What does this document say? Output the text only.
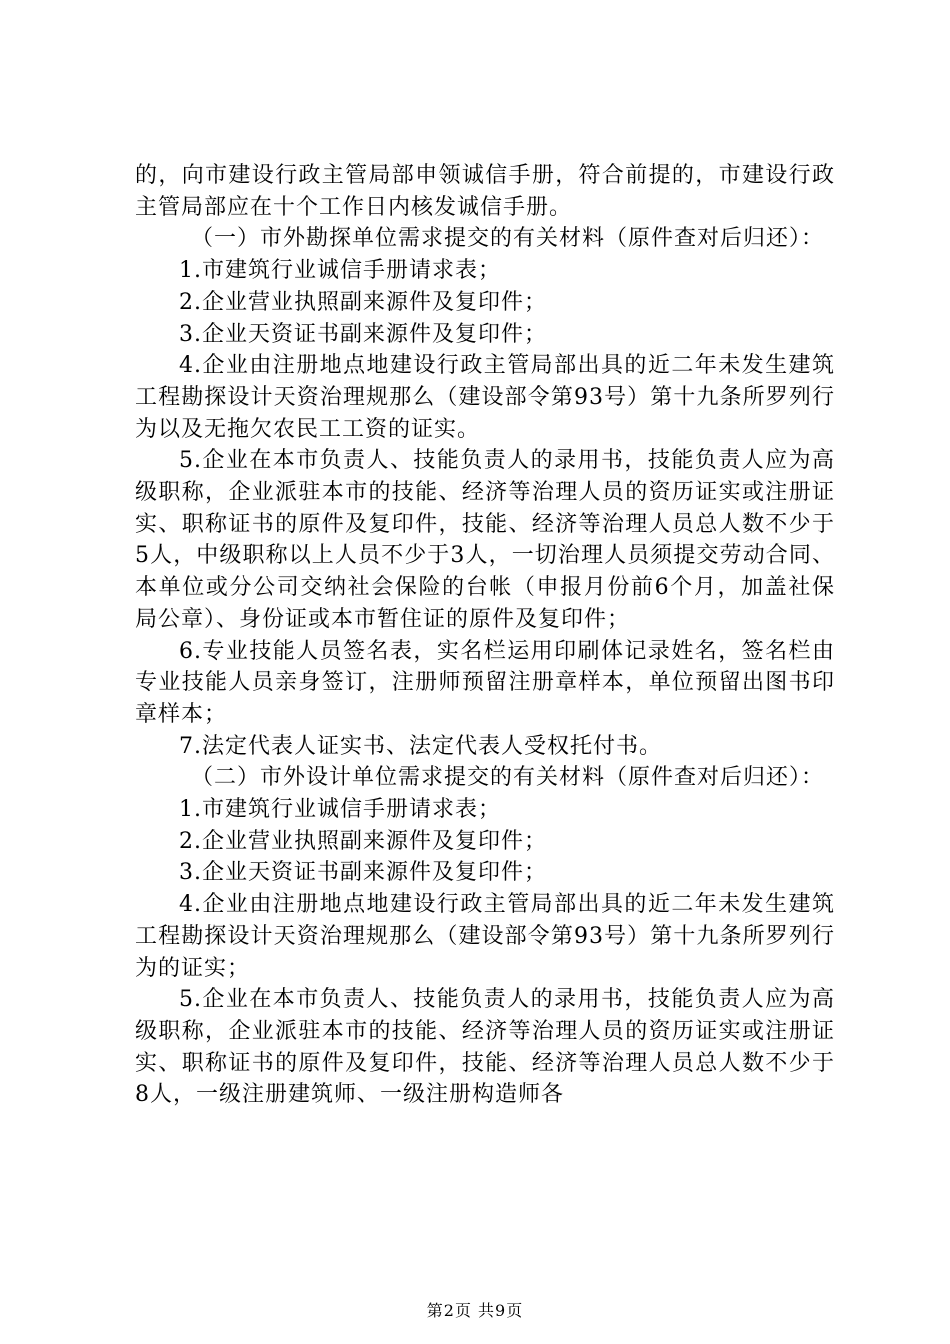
的，向市建设行政主管局部申领诚信手册，符合前提的，市建设行政主管局部应在十个工作日内核发诚信手册。

（一）市外勘探单位需求提交的有关材料（原件查对后归还）：

1.市建筑行业诚信手册请求表；

2.企业营业执照副来源件及复印件；

3.企业天资证书副来源件及复印件；

4.企业由注册地点地建设行政主管局部出具的近二年未发生建筑工程勘探设计天资治理规那么（建设部令第93号）第十九条所罗列行为以及无拖欠农民工工资的证实。

5.企业在本市负责人、技能负责人的录用书，技能负责人应为高级职称，企业派驻本市的技能、经济等治理人员的资历证实或注册证实、职称证书的原件及复印件，技能、经济等治理人员总人数不少于5人，中级职称以上人员不少于3人，一切治理人员须提交劳动合同、本单位或分公司交纳社会保险的台帐（申报月份前6个月，加盖社保局公章）、身份证或本市暂住证的原件及复印件；

6.专业技能人员签名表，实名栏运用印刷体记录姓名，签名栏由专业技能人员亲身签订，注册师预留注册章样本，单位预留出图书印章样本；

7.法定代表人证实书、法定代表人受权托付书。

（二）市外设计单位需求提交的有关材料（原件查对后归还）：

1.市建筑行业诚信手册请求表；

2.企业营业执照副来源件及复印件；

3.企业天资证书副来源件及复印件；

4.企业由注册地点地建设行政主管局部出具的近二年未发生建筑工程勘探设计天资治理规那么（建设部令第93号）第十九条所罗列行为的证实；

5.企业在本市负责人、技能负责人的录用书，技能负责人应为高级职称，企业派驻本市的技能、经济等治理人员的资历证实或注册证实、职称证书的原件及复印件，技能、经济等治理人员总人数不少于8人，一级注册建筑师、一级注册构造师各

第2页 共9页
